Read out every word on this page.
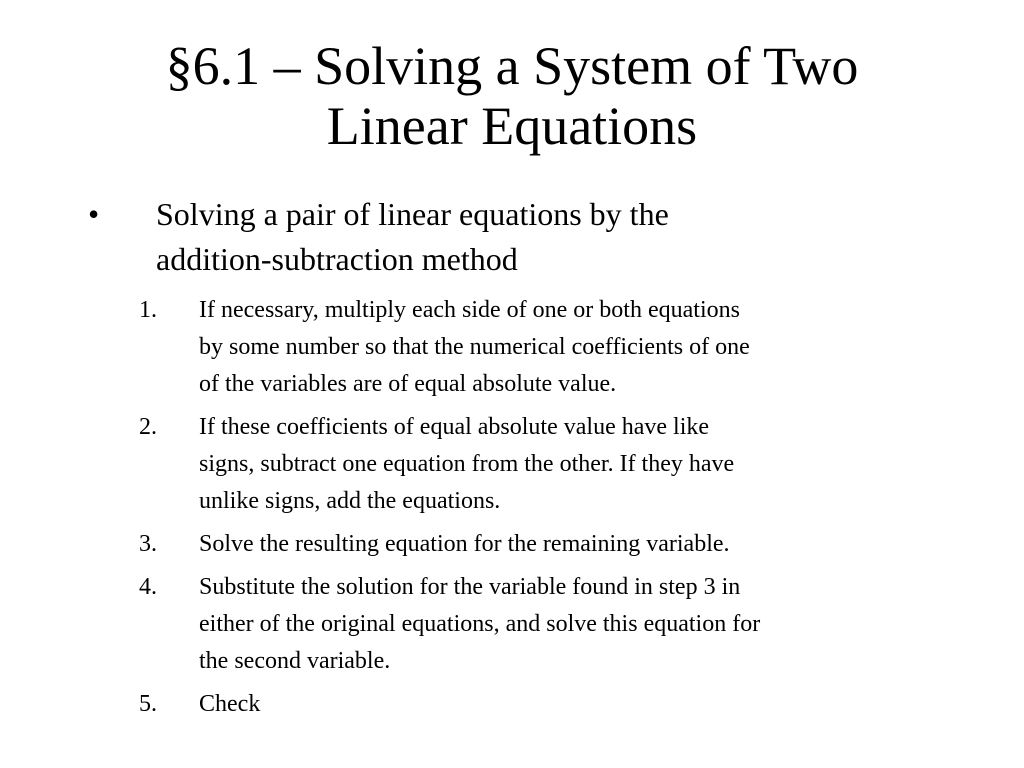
§6.1 – Solving a System of Two
Linear Equations
• Solving a pair of linear equations by the
addition-subtraction method
1. If necessary, multiply each side of one or both equations
by some number so that the numerical coefficients of one
of the variables are of equal absolute value.
2. If these coefficients of equal absolute value have like
signs, subtract one equation from the other. If they have
unlike signs, add the equations.
3. Solve the resulting equation for the remaining variable.
4. Substitute the solution for the variable found in step 3 in
either of the original equations, and solve this equation for
the second variable.
5. Check
